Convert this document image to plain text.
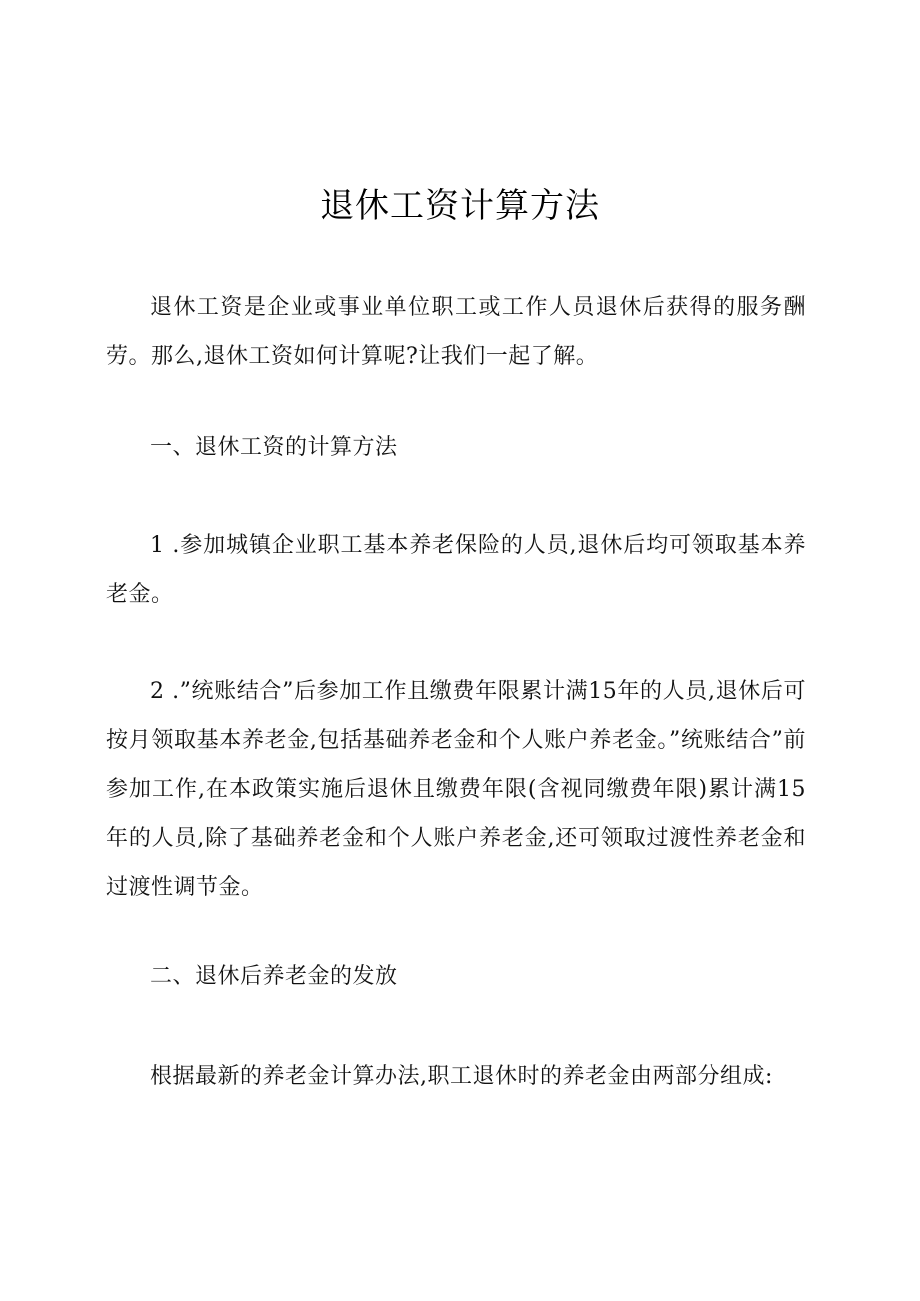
退休工资计算方法

退休工资是企业或事业单位职工或工作人员退休后获得的服务酬劳。那么,退休工资如何计算呢?让我们一起了解。

一、退休工资的计算方法

1 .参加城镇企业职工基本养老保险的人员,退休后均可领取基本养老金。

2 .”统账结合”后参加工作且缴费年限累计满15年的人员,退休后可按月领取基本养老金,包括基础养老金和个人账户养老金。”统账结合”前参加工作,在本政策实施后退休且缴费年限(含视同缴费年限)累计满15年的人员,除了基础养老金和个人账户养老金,还可领取过渡性养老金和过渡性调节金。

二、退休后养老金的发放

根据最新的养老金计算办法,职工退休时的养老金由两部分组成:
